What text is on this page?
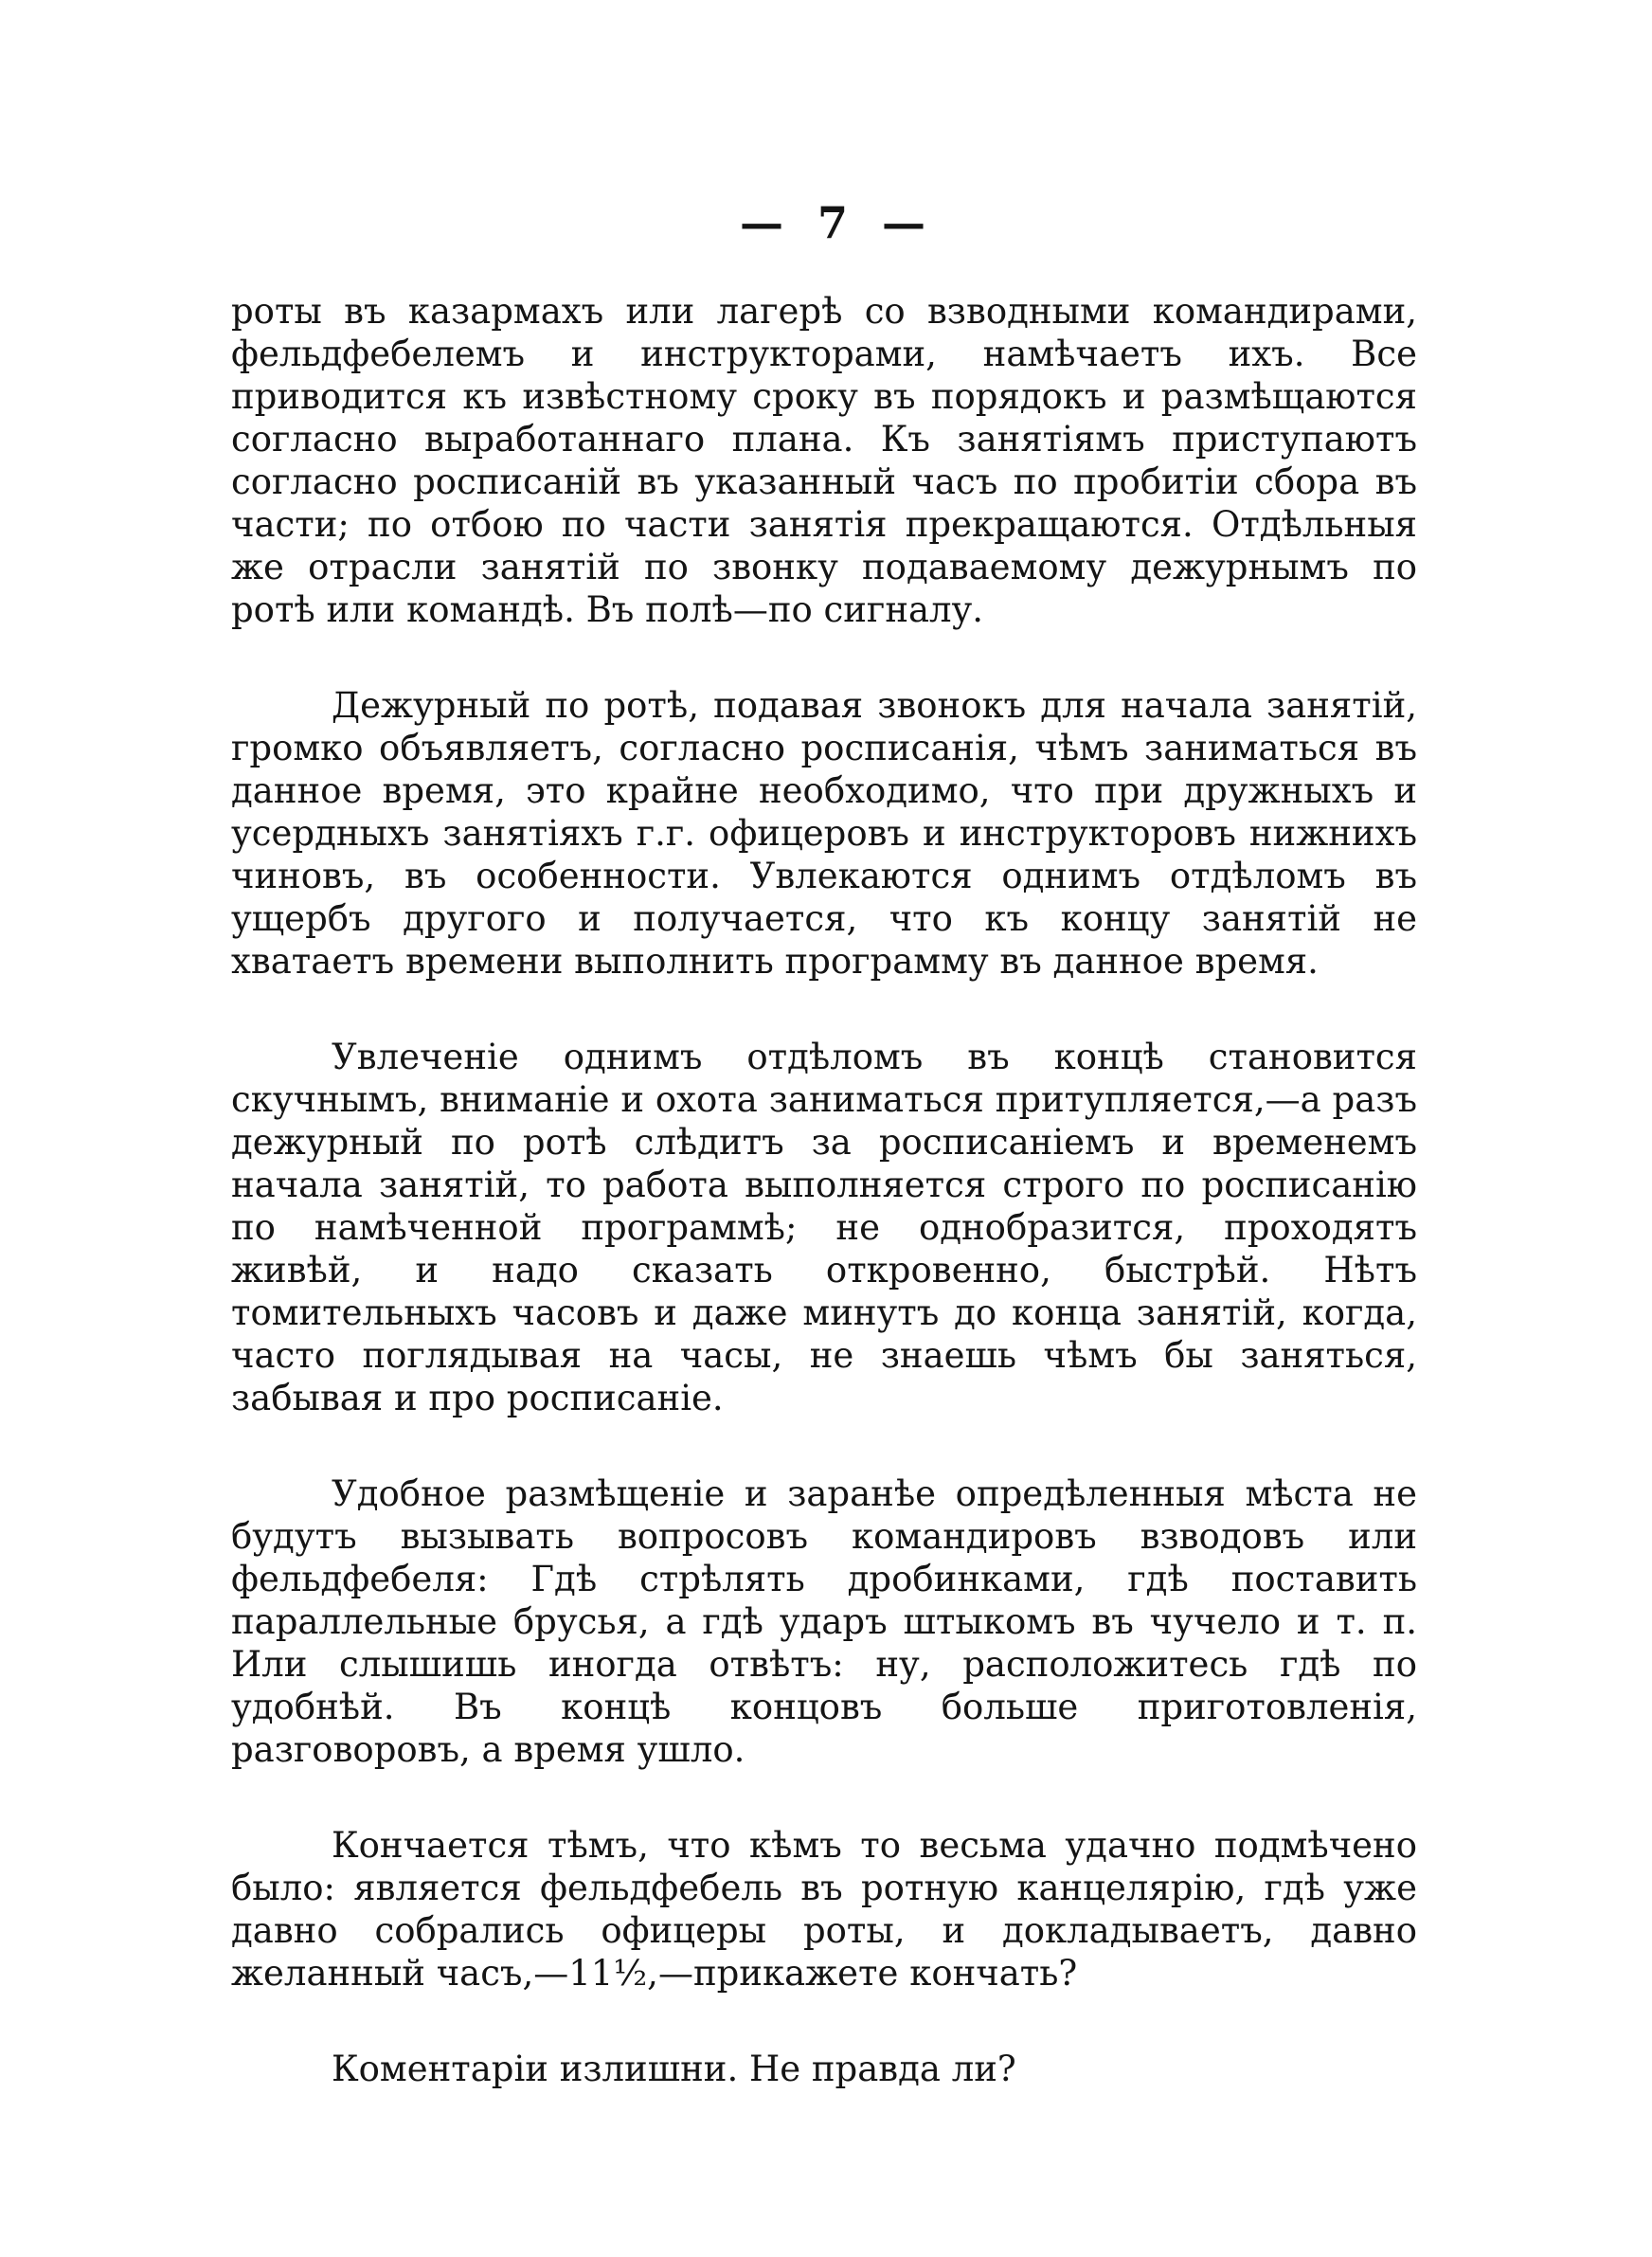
— 7 —

роты въ казармахъ или лагерѣ со взводными командирами, фельдфебелемъ и инструкторами, намѣчаетъ ихъ. Все приводится къ извѣстному сроку въ порядокъ и размѣщаются согласно выработаннаго плана. Къ занятіямъ приступаютъ согласно росписаній въ указанный часъ по пробитіи сбора въ части; по отбою по части занятія прекращаются. Отдѣльныя же отрасли занятій по звонку подаваемому дежурнымъ по ротѣ или командѣ. Въ полѣ—по сигналу.

Дежурный по ротѣ, подавая звонокъ для начала занятій, громко объявляетъ, согласно росписанія, чѣмъ заниматься въ данное время, это крайне необходимо, что при дружныхъ и усердныхъ занятіяхъ г.г. офицеровъ и инструкторовъ нижнихъ чиновъ, въ особенности. Увлекаются однимъ отдѣломъ въ ущербъ другого и получается, что къ концу занятій не хватаетъ времени выполнить программу въ данное время.

Увлеченіе однимъ отдѣломъ въ концѣ становится скучнымъ, вниманіе и охота заниматься притупляется,—а разъ дежурный по ротѣ слѣдитъ за росписаніемъ и временемъ начала занятій, то работа выполняется строго по росписанію по намѣченной программѣ; не однобразится, проходятъ живѣй, и надо сказать откровенно, быстрѣй. Нѣтъ томительныхъ часовъ и даже минутъ до конца занятій, когда, часто поглядывая на часы, не знаешь чѣмъ бы заняться, забывая и про росписаніе.

Удобное размѣщеніе и заранѣе опредѣленныя мѣста не будутъ вызывать вопросовъ командировъ взводовъ или фельдфебеля: Гдѣ стрѣлять дробинками, гдѣ поставить параллельные брусья, а гдѣ ударъ штыкомъ въ чучело и т. п. Или слышишь иногда отвѣтъ: ну, расположитесь гдѣ по удобнѣй. Въ концѣ концовъ больше приготовленія, разговоровъ, а время ушло.

Кончается тѣмъ, что кѣмъ то весьма удачно подмѣчено было: является фельдфебель въ ротную канцелярію, гдѣ уже давно собрались офицеры роты, и докладываетъ, давно желанный часъ,—11½,—прикажете кончать?

Коментаріи излишни. Не правда ли?
